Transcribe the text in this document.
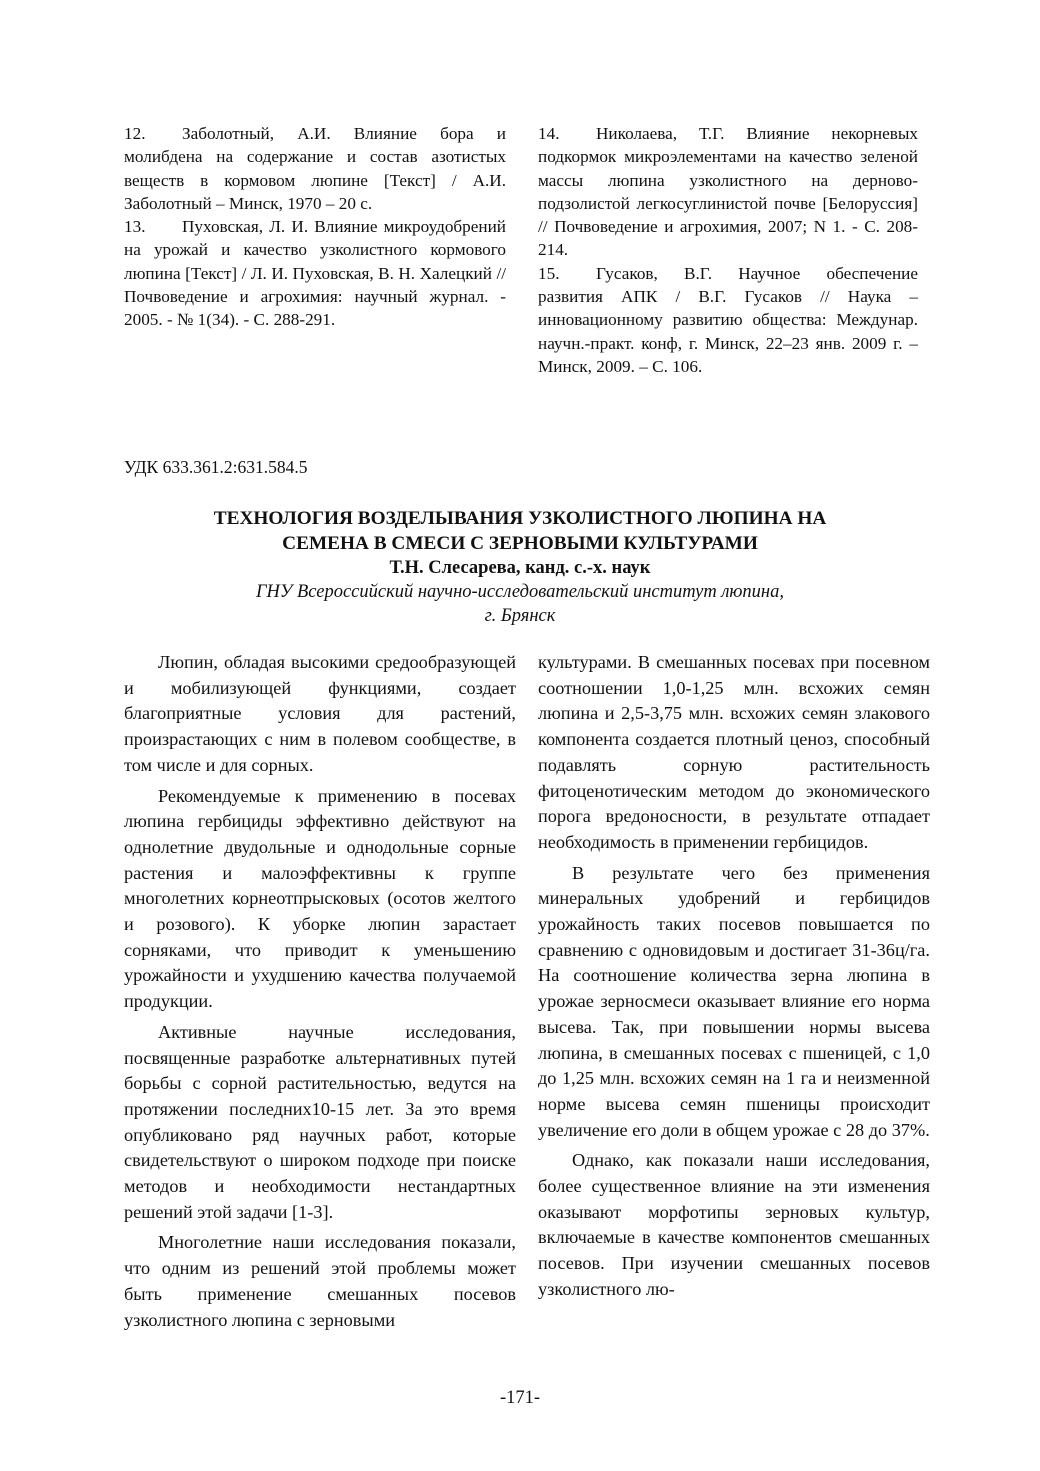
12. Заболотный, А.И. Влияние бора и молибдена на содержание и состав азотистых веществ в кормовом люпине [Текст] / А.И. Заболотный – Минск, 1970 – 20 с.

13. Пуховская, Л. И. Влияние микроудобрений на урожай и качество узколистного кормового люпина [Текст] / Л. И. Пуховская, В. Н. Халецкий // Почвоведение и агрохимия: научный журнал. - 2005. - № 1(34). - С. 288-291.

14. Николаева, Т.Г. Влияние некорневых подкормок микроэлементами на качество зеленой массы люпина узколистного на дерново-подзолистой легкосуглинистой почве [Белоруссия] // Почвоведение и агрохимия, 2007; N 1. - С. 208-214.

15. Гусаков, В.Г. Научное обеспечение развития АПК / В.Г. Гусаков // Наука – инновационному развитию общества: Междунар. научн.-практ. конф, г. Минск, 22–23 янв. 2009 г. – Минск, 2009. – С. 106.

УДК 633.361.2:631.584.5

ТЕХНОЛОГИЯ ВОЗДЕЛЫВАНИЯ УЗКОЛИСТНОГО ЛЮПИНА НА

СЕМЕНА В СМЕСИ С ЗЕРНОВЫМИ КУЛЬТУРАМИ

Т.Н. Слесарева, канд. с.-х. наук

ГНУ Всероссийский научно-исследовательский институт люпина,

г. Брянск

Люпин, обладая высокими средообразующей и мобилизующей функциями, создает благоприятные условия для растений, произрастающих с ним в полевом сообществе, в том числе и для сорных.

Рекомендуемые к применению в посевах люпина гербициды эффективно действуют на однолетние двудольные и однодольные сорные растения и малоэффективны к группе многолетних корнеотпрысковых (осотов желтого и розового). К уборке люпин зарастает сорняками, что приводит к уменьшению урожайности и ухудшению качества получаемой продукции.

Активные научные исследования, посвященные разработке альтернативных путей борьбы с сорной растительностью, ведутся на протяжении последних10-15 лет. За это время опубликовано ряд научных работ, которые свидетельствуют о широком подходе при поиске методов и необходимости нестандартных решений этой задачи [1-3].

Многолетние наши исследования показали, что одним из решений этой проблемы может быть применение смешанных посевов узколистного люпина с зерновыми

культурами. В смешанных посевах при посевном соотношении 1,0-1,25 млн. всхожих семян люпина и 2,5-3,75 млн. всхожих семян злакового компонента создается плотный ценоз, способный подавлять сорную растительность фитоценотическим методом до экономического порога вредоносности, в результате отпадает необходимость в применении гербицидов.

В результате чего без применения минеральных удобрений и гербицидов урожайность таких посевов повышается по сравнению с одновидовым и достигает 31-36ц/га. На соотношение количества зерна люпина в урожае зерносмеси оказывает влияние его норма высева. Так, при повышении нормы высева люпина, в смешанных посевах с пшеницей, с 1,0 до 1,25 млн. всхожих семян на 1 га и неизменной норме высева семян пшеницы происходит увеличение его доли в общем урожае с 28 до 37%.

Однако, как показали наши исследования, более существенное влияние на эти изменения оказывают морфотипы зерновых культур, включаемые в качестве компонентов смешанных посевов. При изучении смешанных посевов узколистного лю-

-171-
